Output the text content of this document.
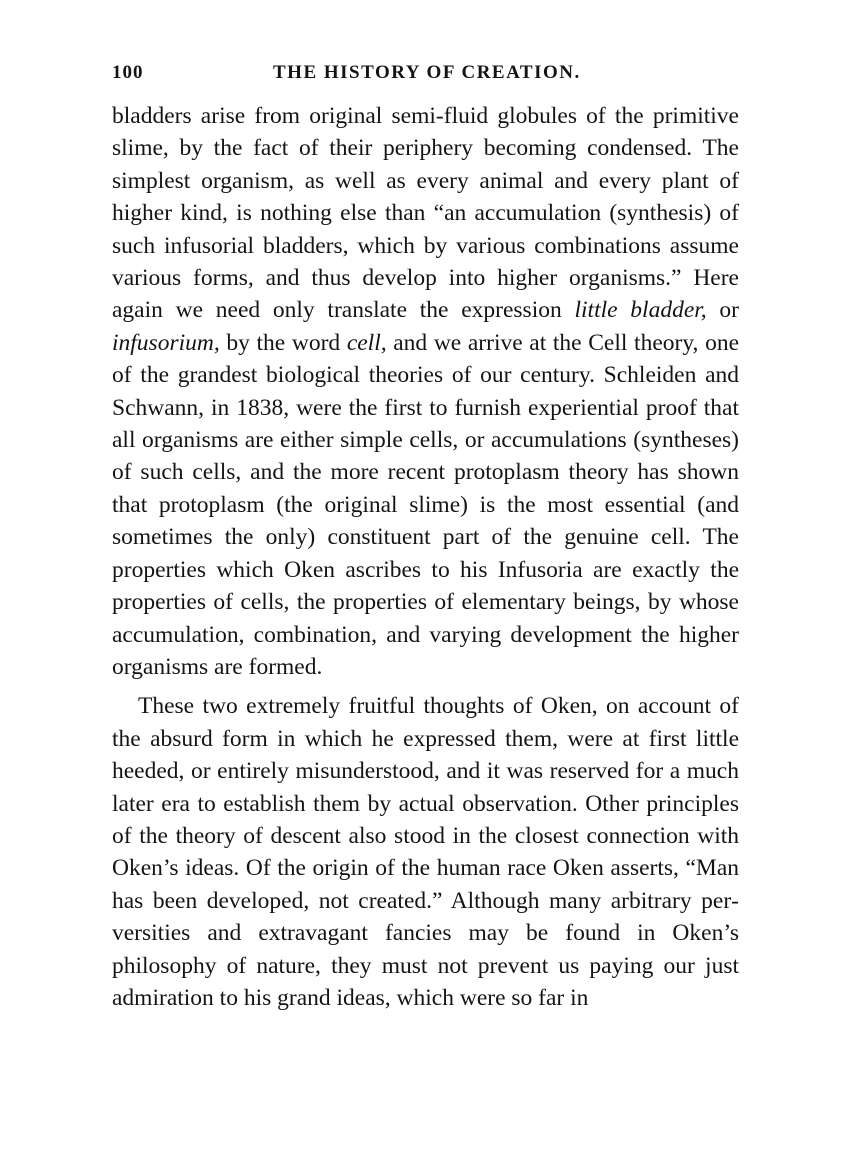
100	THE HISTORY OF CREATION.

bladders arise from original semi-fluid globules of the primitive slime, by the fact of their periphery becoming condensed. The simplest organism, as well as every animal and every plant of higher kind, is nothing else than “an accumulation (synthesis) of such infusorial bladders, which by various combinations assume various forms, and thus develop into higher organisms.” Here again we need only translate the expression little bladder, or infusorium, by the word cell, and we arrive at the Cell theory, one of the grandest biological theories of our century. Schleiden and Schwann, in 1838, were the first to furnish experiential proof that all organisms are either simple cells, or accumulations (syntheses) of such cells, and the more recent protoplasm theory has shown that protoplasm (the original slime) is the most essential (and sometimes the only) constituent part of the genuine cell. The properties which Oken ascribes to his Infusoria are exactly the properties of cells, the properties of elementary beings, by whose accumulation, combination, and varying development the higher organisms are formed.

These two extremely fruitful thoughts of Oken, on account of the absurd form in which he expressed them, were at first little heeded, or entirely misunderstood, and it was reserved for a much later era to establish them by actual observation. Other principles of the theory of descent also stood in the closest connection with Oken’s ideas. Of the origin of the human race Oken asserts, “Man has been developed, not created.” Although many arbitrary perversities and extravagant fancies may be found in Oken’s philosophy of nature, they must not prevent us paying our just admiration to his grand ideas, which were so far in
